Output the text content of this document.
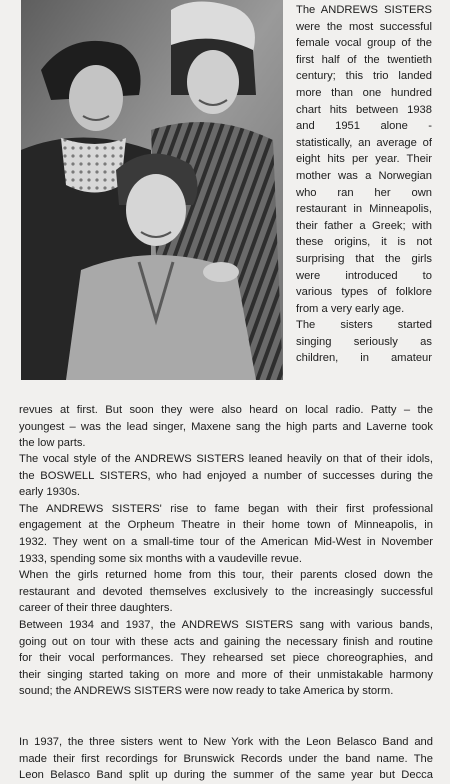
The ANDREWS SISTERS
were the most successful
female vocal group of the
first half of the twentieth
century; this trio landed
more than one hundred
chart hits between 1938
and 1951 alone -
statistically, an average of
eight hits per year. Their
mother was a Norwegian
who ran her own
restaurant in Minneapolis,
their father a Greek; with
these origins, it is not
surprising that the girls
were introduced to
various types of folklore
from a very early age.
The sisters started
singing seriously as
children, in amateur
revues at first. But soon they were also heard on local radio. Patty – the
youngest – was the lead singer, Maxene sang the high parts and Laverne took
the low parts.
The vocal style of the ANDREWS SISTERS leaned heavily on that of their idols,
the BOSWELL SISTERS, who had enjoyed a number of successes during the
early 1930s.
The ANDREWS SISTERS' rise to fame began with their first professional
engagement at the Orpheum Theatre in their home town of Minneapolis, in
1932. They went on a small-time tour of the American Mid-West in November
1933, spending some six months with a vaudeville revue.
When the girls returned home from this tour, their parents closed down the
restaurant and devoted themselves exclusively to the increasingly successful
career of their three daughters.
Between 1934 and 1937, the ANDREWS SISTERS sang with various bands,
going out on tour with these acts and gaining the necessary finish and routine
for their vocal performances. They rehearsed set piece choreographies, and
their singing started taking on more and more of their unmistakable harmony
sound; the ANDREWS SISTERS were now ready to take America by storm.
In 1937, the three sisters went to New York with the Leon Belasco Band and
made their first recordings for Brunswick Records under the band name. The
Leon Belasco Band split up during the summer of the same year but Decca
